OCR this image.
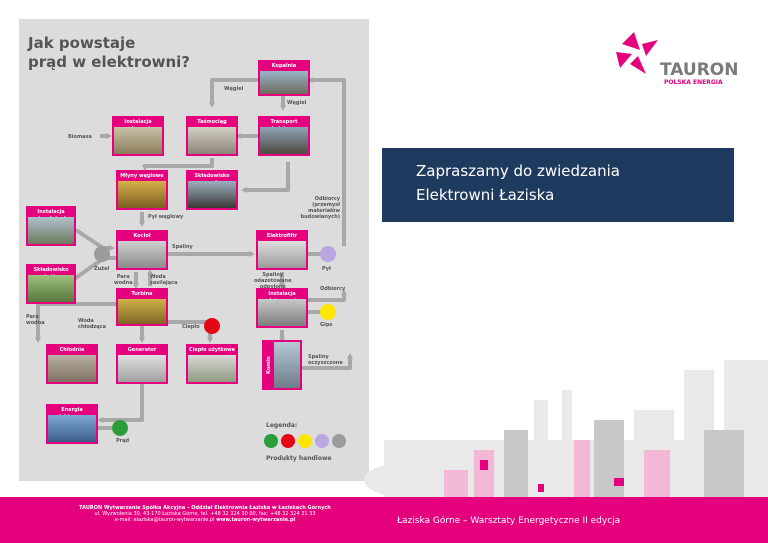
Jak powstaje
prąd w elektrowni?	Kopalnia
Instalacja	Taśmociąg	Transport
Młyny węglowe	Składowisko
Instalacja
Kocioł	Elektrofiltr
Składowisko
Turbina	Instalacja
Chłodnia	Generator	Ciepło użytkowe
Komin
Energia
Węgiel
Węgiel
Biomasa
Odbiorcy
(przemysł
materiałów
budowlanych)
Pył węglowy
Spaliny
Żużel	Pył
Para
wodna
Woda
zasilająca
Spaliny
odazotowane
odpylone	Odbiorcy
Para
wodna	Woda
chłodząca	Ciepło	Gips
Spaliny
oczyszczone
Prąd
Legenda:
Produkty handlowe
TAURON
POLSKA ENERGIA
Zapraszamy do zwiedzania
Elektrowni Łaziska
TAURON Wytwarzanie Spółka Akcyjna – Oddział Elektrownia Łaziska w Łaziskach Górnych
ul. Wyzwolenia 30, 43-170 Łaziska Górne, tel. +48 32 324 30 00, fax: +48 32 324 31 33
e-mail: elaziska@tauron-wytwarzanie.pl www.tauron-wytwarzanie.pl	Łaziska Górne – Warsztaty Energetyczne II edycja
